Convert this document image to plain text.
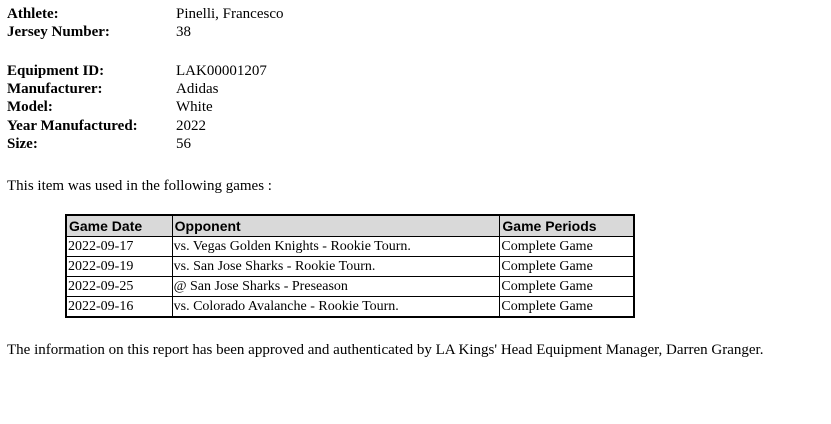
Athlete:	Pinelli, Francesco
Jersey Number:	38
Equipment ID:	LAK00001207
Manufacturer:	Adidas
Model:	White
Year Manufactured:	2022
Size:	56
This item was used in the following games :
Game Date	Opponent	Game Periods
2022-09-17	vs. Vegas Golden Knights - Rookie Tourn.	Complete Game
2022-09-19	vs. San Jose Sharks - Rookie Tourn.	Complete Game
2022-09-25	@ San Jose Sharks - Preseason	Complete Game
2022-09-16	vs. Colorado Avalanche - Rookie Tourn.	Complete Game
The information on this report has been approved and authenticated by LA Kings' Head Equipment Manager, Darren Granger.
